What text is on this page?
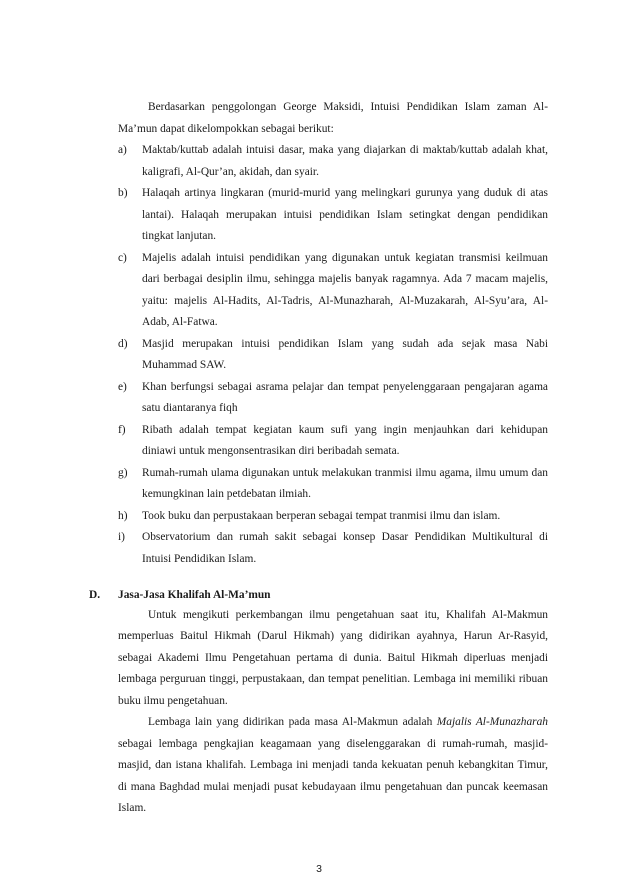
Berdasarkan penggolongan George Maksidi, Intuisi Pendidikan Islam zaman Al-
Ma’mun dapat dikelompokkan sebagai berikut:
a) Maktab/kuttab adalah intuisi dasar, maka yang diajarkan di maktab/kuttab adalah khat,
kaligrafi, Al-Qur’an, akidah, dan syair.
b) Halaqah artinya lingkaran (murid-murid yang melingkari gurunya yang duduk di atas
lantai). Halaqah merupakan intuisi pendidikan Islam setingkat dengan pendidikan
tingkat lanjutan.
c) Majelis adalah intuisi pendidikan yang digunakan untuk kegiatan transmisi keilmuan
dari berbagai desiplin ilmu, sehingga majelis banyak ragamnya. Ada 7 macam majelis,
yaitu: majelis Al-Hadits, Al-Tadris, Al-Munazharah, Al-Muzakarah, Al-Syu’ara, Al-
Adab, Al-Fatwa.
d) Masjid merupakan intuisi pendidikan Islam yang sudah ada sejak masa Nabi
Muhammad SAW.
e) Khan berfungsi sebagai asrama pelajar dan tempat penyelenggaraan pengajaran agama
satu diantaranya fiqh
f) Ribath adalah tempat kegiatan kaum sufi yang ingin menjauhkan dari kehidupan
diniawi untuk mengonsentrasikan diri beribadah semata.
g) Rumah-rumah ulama digunakan untuk melakukan tranmisi ilmu agama, ilmu umum dan
kemungkinan lain petdebatan ilmiah.
h) Took buku dan perpustakaan berperan sebagai tempat tranmisi ilmu dan islam.
i) Observatorium dan rumah sakit sebagai konsep Dasar Pendidikan Multikultural di
Intuisi Pendidikan Islam.
D. Jasa-Jasa Khalifah Al-Ma’mun
Untuk mengikuti perkembangan ilmu pengetahuan saat itu, Khalifah Al-Makmun
memperluas Baitul Hikmah (Darul Hikmah) yang didirikan ayahnya, Harun Ar-Rasyid,
sebagai Akademi Ilmu Pengetahuan pertama di dunia. Baitul Hikmah diperluas menjadi
lembaga perguruan tinggi, perpustakaan, dan tempat penelitian. Lembaga ini memiliki ribuan
buku ilmu pengetahuan.
Lembaga lain yang didirikan pada masa Al-Makmun adalah Majalis Al-Munazharah
3
sebagai lembaga pengkajian keagamaan yang diselenggarakan di rumah-rumah, masjid-
masjid, dan istana khalifah. Lembaga ini menjadi tanda kekuatan penuh kebangkitan Timur,
di mana Baghdad mulai menjadi pusat kebudayaan ilmu pengetahuan dan puncak keemasan
Islam.
